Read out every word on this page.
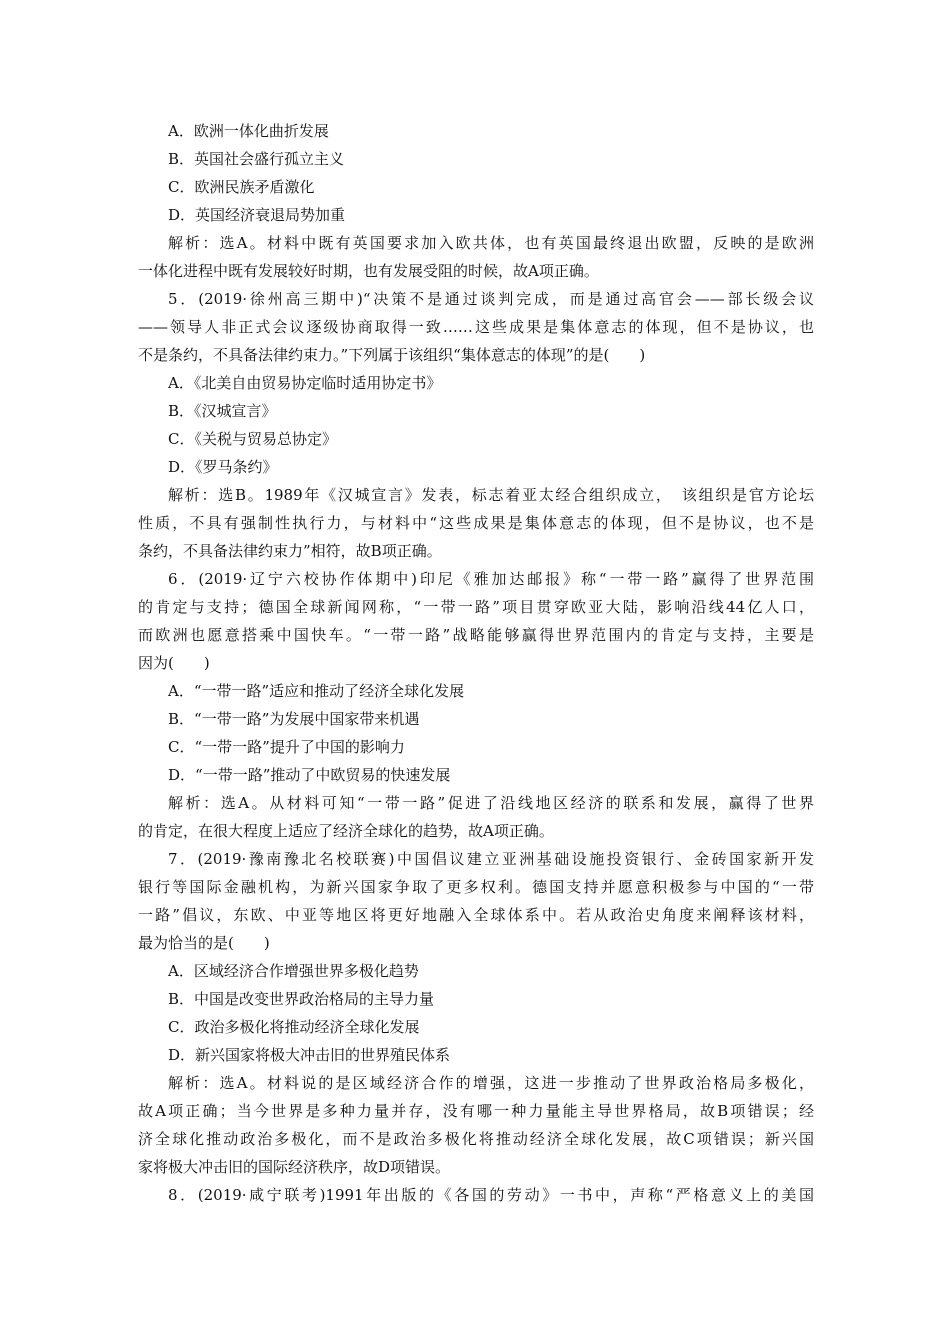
A．欧洲一体化曲折发展
B．英国社会盛行孤立主义
C．欧洲民族矛盾激化
D．英国经济衰退局势加重
解析：选A。材料中既有英国要求加入欧共体，也有英国最终退出欧盟，反映的是欧洲
一体化进程中既有发展较好时期，也有发展受阻的时候，故A项正确。
5．(2019·徐州高三期中)“决策不是通过谈判完成，而是通过高官会——部长级会议
——领导人非正式会议逐级协商取得一致……这些成果是集体意志的体现，但不是协议，也
不是条约，不具备法律约束力。”下列属于该组织“集体意志的体现”的是(　　)
A．《北美自由贸易协定临时适用协定书》
B．《汉城宣言》
C．《关税与贸易总协定》
D．《罗马条约》
解析：选B。1989年《汉城宣言》发表，标志着亚太经合组织成立，　该组织是官方论坛
性质，不具有强制性执行力，与材料中“这些成果是集体意志的体现，但不是协议，也不是
条约，不具备法律约束力”相符，故B项正确。
6．(2019·辽宁六校协作体期中)印尼《雅加达邮报》称“一带一路”赢得了世界范围
的肯定与支持；德国全球新闻网称，“一带一路”项目贯穿欧亚大陆，影响沿线44亿人口，
而欧洲也愿意搭乘中国快车。“一带一路”战略能够赢得世界范围内的肯定与支持，主要是
因为(　　)
A．“一带一路”适应和推动了经济全球化发展
B．“一带一路”为发展中国家带来机遇
C．“一带一路”提升了中国的影响力
D．“一带一路”推动了中欧贸易的快速发展
解析：选A。从材料可知“一带一路”促进了沿线地区经济的联系和发展，赢得了世界
的肯定，在很大程度上适应了经济全球化的趋势，故A项正确。
7．(2019·豫南豫北名校联赛)中国倡议建立亚洲基础设施投资银行、金砖国家新开发
银行等国际金融机构，为新兴国家争取了更多权利。德国支持并愿意积极参与中国的“一带
一路”倡议，东欧、中亚等地区将更好地融入全球体系中。若从政治史角度来阐释该材料，
最为恰当的是(　　)
A．区域经济合作增强世界多极化趋势
B．中国是改变世界政治格局的主导力量
C．政治多极化将推动经济全球化发展
D．新兴国家将极大冲击旧的世界殖民体系
解析：选A。材料说的是区域经济合作的增强，这进一步推动了世界政治格局多极化，
故A项正确；当今世界是多种力量并存，没有哪一种力量能主导世界格局，故B项错误；经
济全球化推动政治多极化，而不是政治多极化将推动经济全球化发展，故C项错误；新兴国
家将极大冲击旧的国际经济秩序，故D项错误。
8．(2019·咸宁联考)1991年出版的《各国的劳动》一书中，声称“严格意义上的美国
